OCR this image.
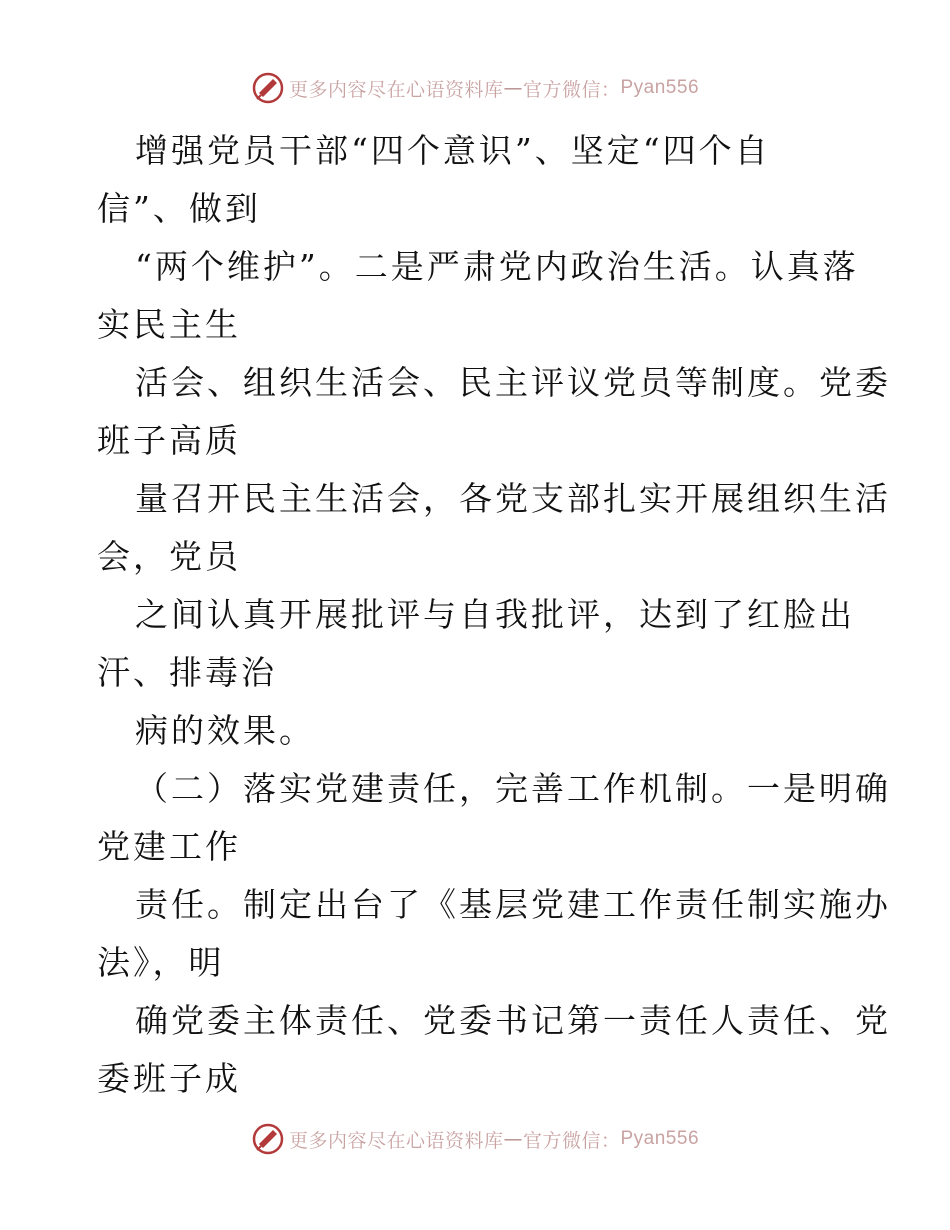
更多内容尽在心语资料库 — 官方微信： Pyan556
增强党员干部“四个意识”、坚定“四个自
信”、做到
“两个维护”。二是严肃党内政治生活。认真落
实民主生
活会、组织生活会、民主评议党员等制度。党委
班子高质
量召开民主生活会，各党支部扎实开展组织生活
会，党员
之间认真开展批评与自我批评，达到了红脸出
汗、排毒治
病的效果。
（二）落实党建责任，完善工作机制。一是明确
党建工作
责任。制定出台了《基层党建工作责任制实施办
法》，明
确党委主体责任、党委书记第一责任人责任、党
委班子成
更多内容尽在心语资料库 — 官方微信： Pyan556
